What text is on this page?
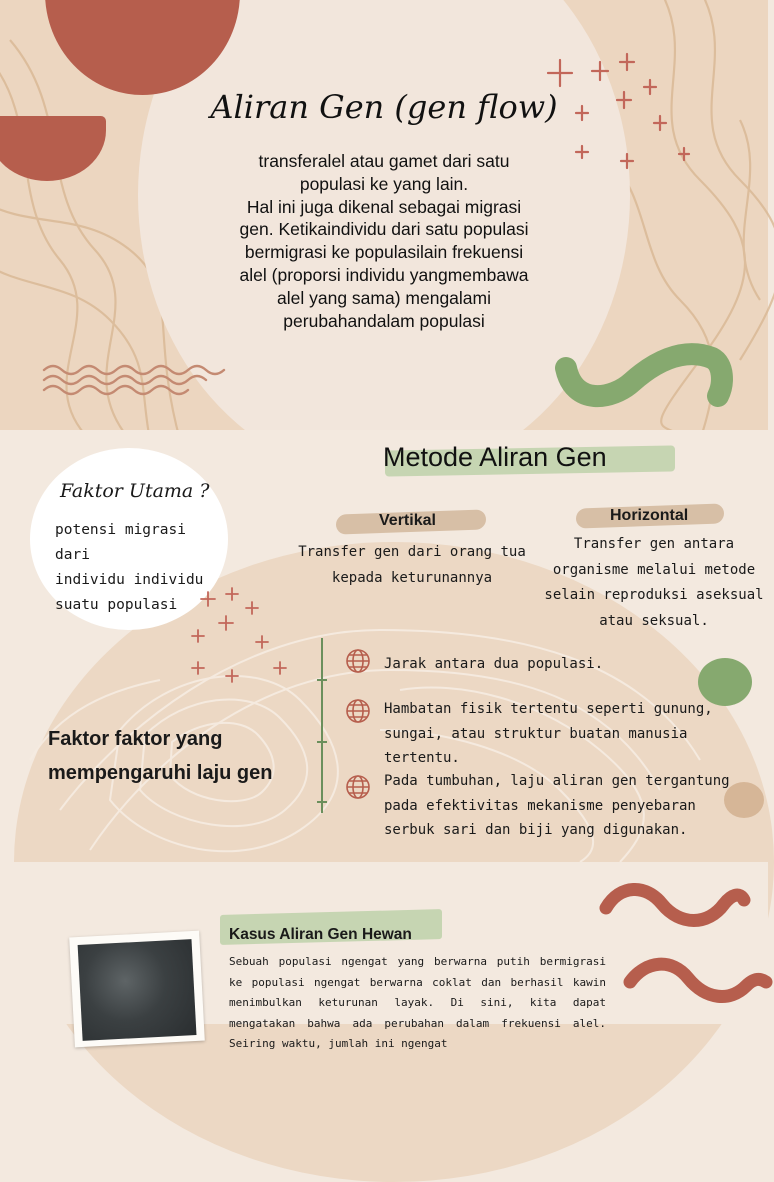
Aliran Gen (gen flow)

transferalel atau gamet dari satu

populasi ke yang lain.

Hal ini juga dikenal sebagai migrasi

gen. Ketikaindividu dari satu populasi

bermigrasi ke populasilain frekuensi

alel (proporsi individu yangmembawa

alel yang sama) mengalami

perubahandalam populasi

Faktor Utama ?
potensi migrasi dari
individu individu
suatu populasi
Metode Aliran Gen
Vertikal
Transfer gen dari orang tua
kepada keturunannya
Horizontal
Transfer gen antara
organisme melalui metode
selain reproduksi aseksual
atau seksual.
Faktor faktor yang
mempengaruhi laju gen
Jarak antara dua populasi.
Hambatan fisik tertentu seperti gunung,
sungai, atau struktur buatan manusia
tertentu.
Pada tumbuhan, laju aliran gen tergantung
pada efektivitas mekanisme penyebaran
serbuk sari dan biji yang digunakan.
Kasus Aliran Gen Hewan
Sebuah populasi ngengat yang berwarna putih bermigrasi ke populasi ngengat berwarna coklat dan berhasil kawin menimbulkan keturunan layak. Di sini, kita dapat mengatakan bahwa ada perubahan dalam frekuensi alel. Seiring waktu, jumlah ini ngengat
